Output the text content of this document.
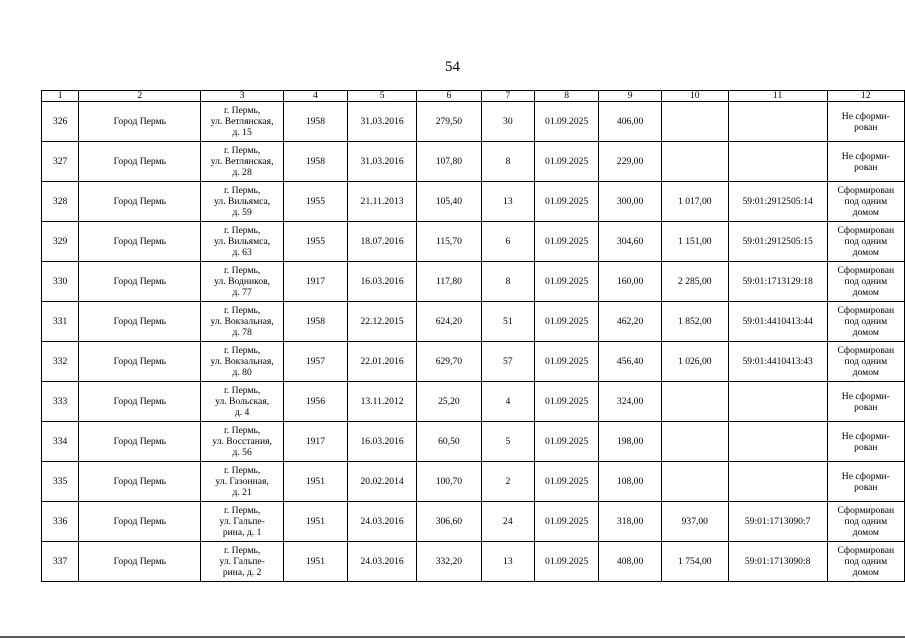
54
1	2	3	4	5	6	7	8	9	10	11	12
326	Город Пермь	г. Пермь,
ул. Ветлянская,
д. 15	1958	31.03.2016	279,50	30	01.09.2025	406,00			Не сформи-
рован

327	Город Пермь	г. Пермь,
ул. Ветлянская,
д. 28	1958	31.03.2016	107,80	8	01.09.2025	229,00			Не сформи-
рован

328	Город Пермь	г. Пермь,
ул. Вильямса,
д. 59	1955	21.11.2013	105,40	13	01.09.2025	300,00	1 017,00	59:01:2912505:14	Сформирован
под одним
домом

329	Город Пермь	г. Пермь,
ул. Вильямса,
д. 63	1955	18.07.2016	115,70	6	01.09.2025	304,60	1 151,00	59:01:2912505:15	Сформирован
под одним
домом

330	Город Пермь	г. Пермь,
ул. Водников,
д. 77	1917	16.03.2016	117,80	8	01.09.2025	160,00	2 285,00	59:01:1713129:18	Сформирован
под одним
домом

331	Город Пермь	г. Пермь,
ул. Вокзальная,
д. 78	1958	22.12.2015	624,20	51	01.09.2025	462,20	1 852,00	59:01:4410413:44	Сформирован
под одним
домом

332	Город Пермь	г. Пермь,
ул. Вокзальная,
д. 80	1957	22.01.2016	629,70	57	01.09.2025	456,40	1 026,00	59:01:4410413:43	Сформирован
под одним
домом

333	Город Пермь	г. Пермь,
ул. Вольская,
д. 4	1956	13.11.2012	25,20	4	01.09.2025	324,00			Не сформи-
рован

334	Город Пермь	г. Пермь,
ул. Восстания,
д. 56	1917	16.03.2016	60,50	5	01.09.2025	198,00			Не сформи-
рован

335	Город Пермь	г. Пермь,
ул. Газонная,
д. 21	1951	20.02.2014	100,70	2	01.09.2025	108,00			Не сформи-
рован

336	Город Пермь	г. Пермь,
ул. Гальпе-
рина, д. 1	1951	24.03.2016	306,60	24	01.09.2025	318,00	937,00	59:01:1713090:7	Сформирован
под одним
домом

337	Город Пермь	г. Пермь,
ул. Гальпе-
рина, д. 2	1951	24.03.2016	332,20	13	01.09.2025	408,00	1 754,00	59:01:1713090:8	Сформирован
под одним
домом
